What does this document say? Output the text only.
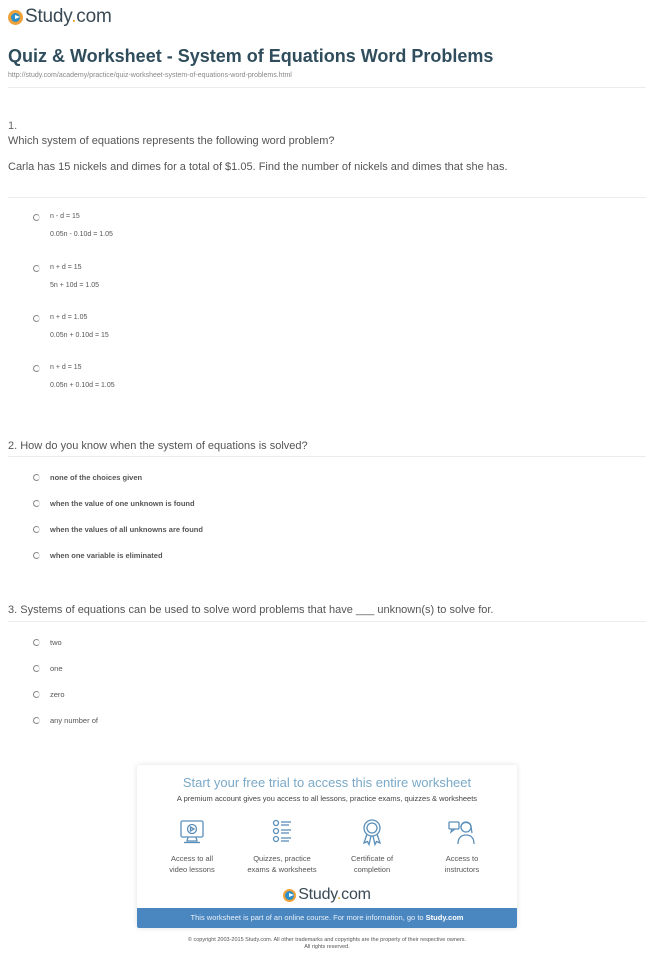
Study.com
Quiz & Worksheet - System of Equations Word Problems
http://study.com/academy/practice/quiz-worksheet-system-of-equations-word-problems.html
1.
Which system of equations represents the following word problem?
Carla has 15 nickels and dimes for a total of $1.05. Find the number of nickels and dimes that she has.
n - d = 15
0.05n - 0.10d = 1.05
n + d = 15
5n + 10d = 1.05
n + d = 1.05
0.05n + 0.10d = 15
n + d = 15
0.05n + 0.10d = 1.05
2. How do you know when the system of equations is solved?
none of the choices given
when the value of one unknown is found
when the values of all unknowns are found
when one variable is eliminated
3. Systems of equations can be used to solve word problems that have ___ unknown(s) to solve for.
two
one
zero
any number of
Start your free trial to access this entire worksheet
A premium account gives you access to all lessons, practice exams, quizzes & worksheets
Access to all
video lessons
Quizzes, practice
exams & worksheets
Certificate of
completion
Access to
instructors
Study.com
This worksheet is part of an online course. For more information, go to Study.com
© copyright 2003-2015 Study.com. All other trademarks and copyrights are the property of their respective owners.
All rights reserved.
